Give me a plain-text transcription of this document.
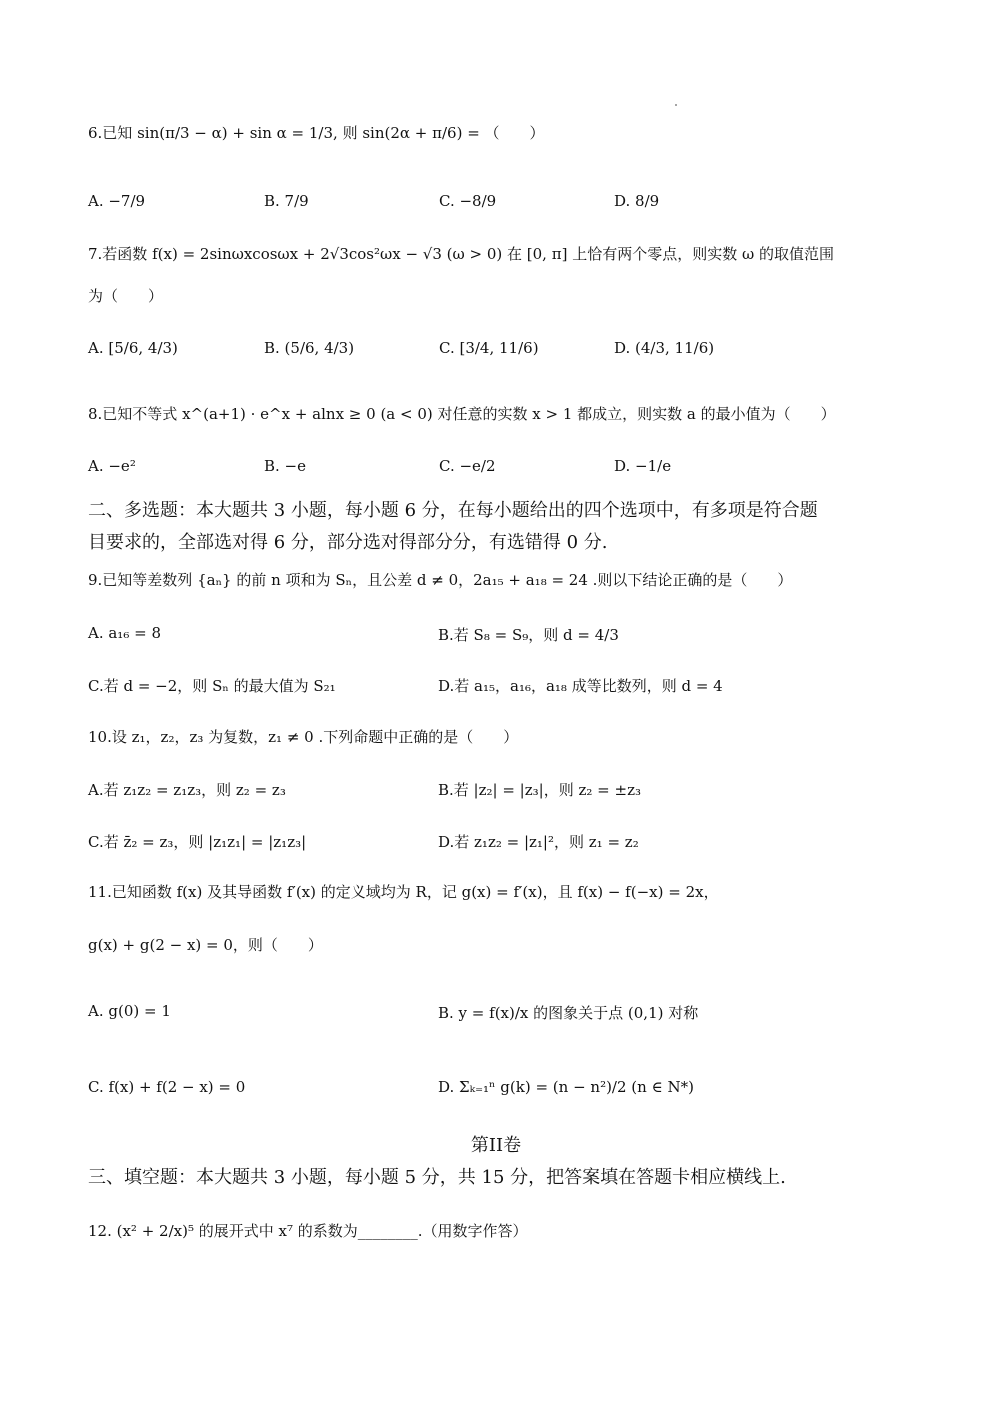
6.已知 sin(π/3 − α) + sin α = 1/3, 则 sin(2α + π/6) = （　　）
A. −7/9	B. 7/9	C. −8/9	D. 8/9
7.若函数 f(x) = 2sinωxcosωx + 2√3cos²ωx − √3 (ω > 0) 在 [0, π] 上恰有两个零点，则实数 ω 的取值范围
为（　　）
A. [5/6, 4/3)	B. (5/6, 4/3)	C. [3/4, 11/6)	D. (4/3, 11/6)
8.已知不等式 x^(a+1) · e^x + alnx ≥ 0 (a < 0) 对任意的实数 x > 1 都成立，则实数 a 的最小值为（　　）
A. −e²	B. −e	C. −e/2	D. −1/e
二、多选题：本大题共 3 小题，每小题 6 分，在每小题给出的四个选项中，有多项是符合题
目要求的，全部选对得 6 分，部分选对得部分分，有选错得 0 分.
9.已知等差数列 {aₙ} 的前 n 项和为 Sₙ，且公差 d ≠ 0，2a₁₅ + a₁₈ = 24 .则以下结论正确的是（　　）
A. a₁₆ = 8	B.若 S₈ = S₉，则 d = 4/3
C.若 d = −2，则 Sₙ 的最大值为 S₂₁	D.若 a₁₅，a₁₆，a₁₈ 成等比数列，则 d = 4
10.设 z₁，z₂，z₃ 为复数，z₁ ≠ 0 .下列命题中正确的是（　　）
A.若 z₁z₂ = z₁z₃，则 z₂ = z₃	B.若 |z₂| = |z₃|，则 z₂ = ±z₃
C.若 z̄₂ = z₃，则 |z₁z₁| = |z₁z₃|	D.若 z₁z₂ = |z₁|²，则 z₁ = z₂
11.已知函数 f(x) 及其导函数 f′(x) 的定义域均为 R，记 g(x) = f′(x)，且 f(x) − f(−x) = 2x，
g(x) + g(2 − x) = 0，则（　　）
A. g(0) = 1	B. y = f(x)/x 的图象关于点 (0,1) 对称
C. f(x) + f(2 − x) = 0	D. Σₖ₌₁ⁿ g(k) = (n − n²)/2 (n ∈ N*)
第II卷
三、填空题：本大题共 3 小题，每小题 5 分，共 15 分，把答案填在答题卡相应横线上.
12. (x² + 2/x)⁵ 的展开式中 x⁷ 的系数为________.（用数字作答）
